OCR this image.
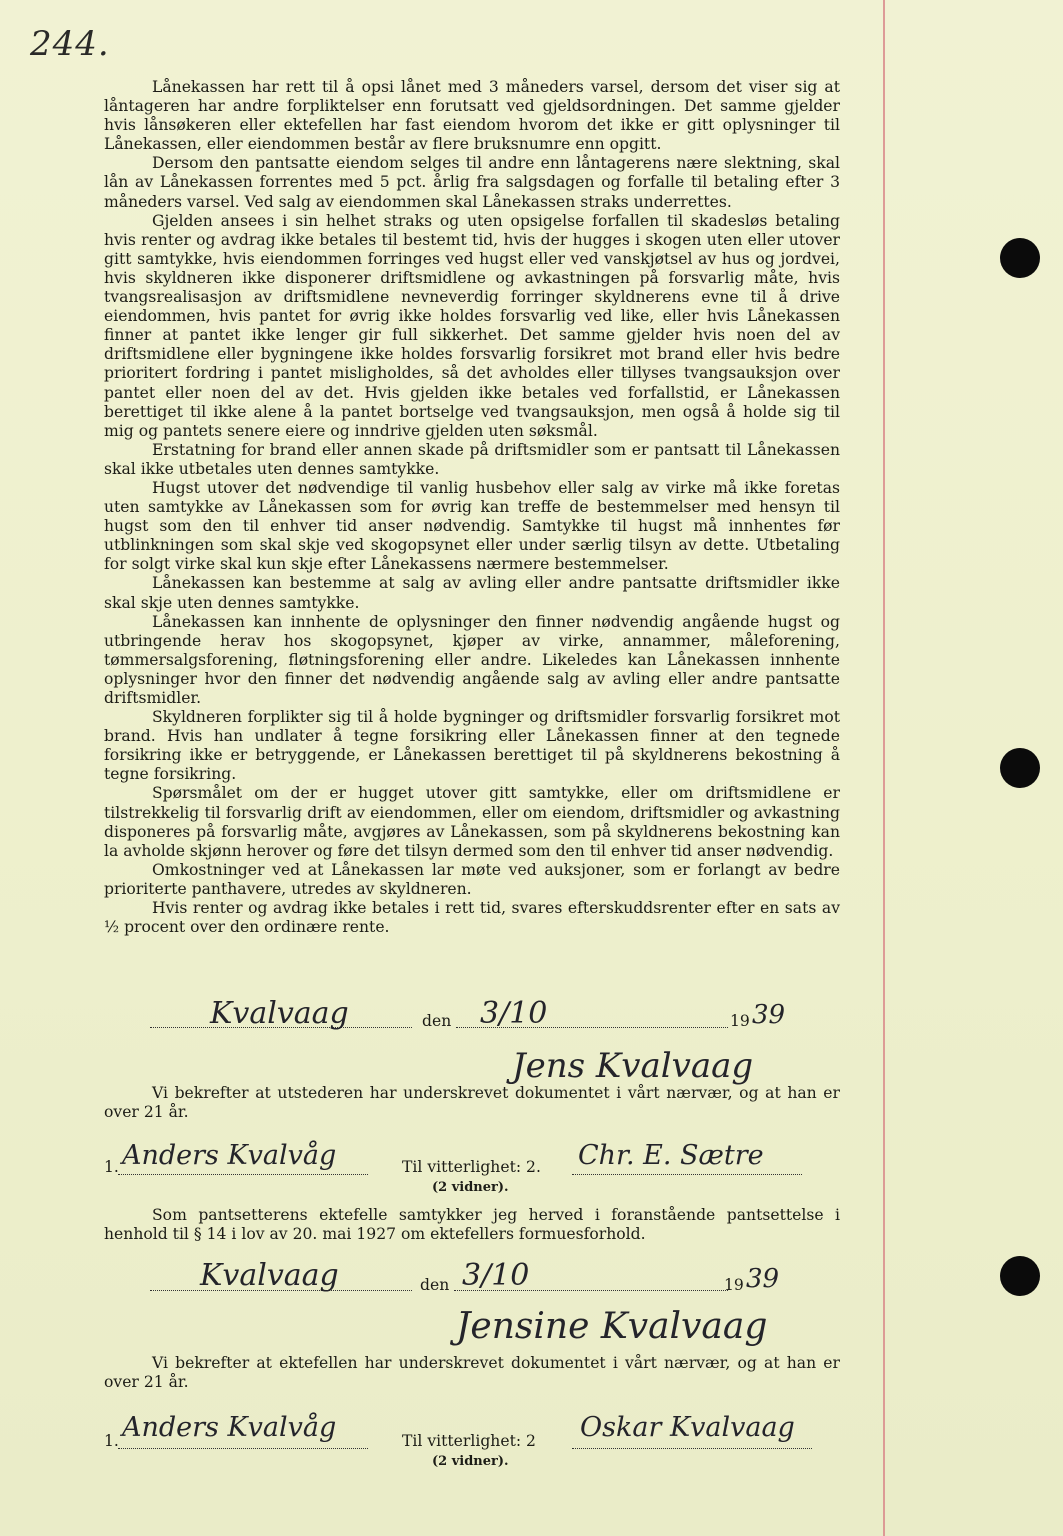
244.

Lånekassen har rett til å opsi lånet med 3 måneders varsel, dersom det viser sig at låntageren har andre forpliktelser enn forutsatt ved gjeldsordningen. Det samme gjelder hvis lånsøkeren eller ektefellen har fast eiendom hvorom det ikke er gitt oplysninger til Lånekassen, eller eiendommen består av flere bruksnumre enn opgitt.

Dersom den pantsatte eiendom selges til andre enn låntagerens nære slektning, skal lån av Lånekassen forrentes med 5 pct. årlig fra salgsdagen og forfalle til betaling efter 3 måneders varsel. Ved salg av eiendommen skal Lånekassen straks underrettes.

Gjelden ansees i sin helhet straks og uten opsigelse forfallen til skadesløs betaling hvis renter og avdrag ikke betales til bestemt tid, hvis der hugges i skogen uten eller utover gitt samtykke, hvis eiendommen forringes ved hugst eller ved vanskjøtsel av hus og jordvei, hvis skyldneren ikke disponerer driftsmidlene og avkastningen på forsvarlig måte, hvis tvangsrealisasjon av driftsmidlene nevneverdig forringer skyldnerens evne til å drive eiendommen, hvis pantet for øvrig ikke holdes forsvarlig ved like, eller hvis Lånekassen finner at pantet ikke lenger gir full sikkerhet. Det samme gjelder hvis noen del av driftsmidlene eller bygningene ikke holdes forsvarlig forsikret mot brand eller hvis bedre prioritert fordring i pantet misligholdes, så det avholdes eller tillyses tvangsauksjon over pantet eller noen del av det. Hvis gjelden ikke betales ved forfallstid, er Lånekassen berettiget til ikke alene å la pantet bortselge ved tvangsauksjon, men også å holde sig til mig og pantets senere eiere og inndrive gjelden uten søksmål.

Erstatning for brand eller annen skade på driftsmidler som er pantsatt til Lånekassen skal ikke utbetales uten dennes samtykke.

Hugst utover det nødvendige til vanlig husbehov eller salg av virke må ikke foretas uten samtykke av Lånekassen som for øvrig kan treffe de bestemmelser med hensyn til hugst som den til enhver tid anser nødvendig. Samtykke til hugst må innhentes før utblinkningen som skal skje ved skogopsynet eller under særlig tilsyn av dette. Utbetaling for solgt virke skal kun skje efter Lånekassens nærmere bestemmelser.

Lånekassen kan bestemme at salg av avling eller andre pantsatte driftsmidler ikke skal skje uten dennes samtykke.

Lånekassen kan innhente de oplysninger den finner nødvendig angående hugst og utbringende herav hos skogopsynet, kjøper av virke, annammer, måleforening, tømmersalgsforening, fløtningsforening eller andre. Likeledes kan Lånekassen innhente oplysninger hvor den finner det nødvendig angående salg av avling eller andre pantsatte driftsmidler.

Skyldneren forplikter sig til å holde bygninger og driftsmidler forsvarlig forsikret mot brand. Hvis han undlater å tegne forsikring eller Lånekassen finner at den tegnede forsikring ikke er betryggende, er Lånekassen berettiget til på skyldnerens bekostning å tegne forsikring.

Spørsmålet om der er hugget utover gitt samtykke, eller om driftsmidlene er tilstrekkelig til forsvarlig drift av eiendommen, eller om eiendom, driftsmidler og avkastning disponeres på forsvarlig måte, avgjøres av Lånekassen, som på skyldnerens bekostning kan la avholde skjønn herover og føre det tilsyn dermed som den til enhver tid anser nødvendig.

Omkostninger ved at Lånekassen lar møte ved auksjoner, som er forlangt av bedre prioriterte panthavere, utredes av skyldneren.

Hvis renter og avdrag ikke betales i rett tid, svares efterskuddsrenter efter en sats av ½ procent over den ordinære rente.

Kvalvaag	den 3/10	19 39
Jens Kvalvaag
Vi bekrefter at utstederen har underskrevet dokumentet i vårt nærvær, og at han er over 21 år.
1. Anders Kvalvåg	Til vitterlighet: 2. Chr. E. Sætre
(2 vidner).
Som pantsetterens ektefelle samtykker jeg herved i foranstående pantsettelse i henhold til § 14 i lov av 20. mai 1927 om ektefellers formuesforhold.
Kvalvaag	den 3/10	19 39
Jensine Kvalvaag
Vi bekrefter at ektefellen har underskrevet dokumentet i vårt nærvær, og at han er over 21 år.
1. Anders Kvalvåg	Til vitterlighet: 2 Oskar Kvalvaag
(2 vidner).
